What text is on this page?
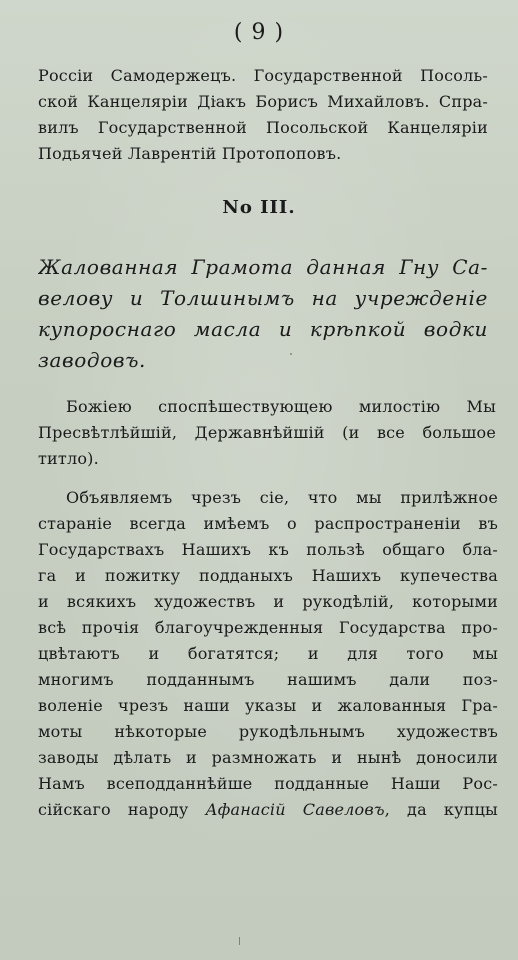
( 9 )
Россіи Самодержецъ. Государственной Посоль-
ской Канцеляріи Діакъ Борисъ Михайловъ. Спра-
вилъ Государственной Посольской Канцеляріи
Подьячей Лаврентій Протопоповъ.
No III.
Жалованная Грамота данная Гну Са-
велову и Толшинымъ на учрежденіе
купороснаго масла и крѣпкой водки
заводовъ.
Божіею споспѣшествующею милостію Мы
Пресвѣтлѣйшій, Державнѣйшій (и все большое
титло).
Объявляемъ чрезъ сіе, что мы прилѣжное
стараніе всегда имѣемъ о распространеніи въ
Государствахъ Нашихъ къ пользѣ общаго бла-
га и пожитку подданыхъ Нашихъ купечества
и всякихъ художествъ и рукодѣлій, которыми
всѣ прочія благоучрежденныя Государства про-
цвѣтаютъ и богатятся; и для того мы
многимъ подданнымъ нашимъ дали поз-
воленіе чрезъ наши указы и жалованныя Гра-
моты нѣкоторые рукодѣльнымъ художествъ
заводы дѣлать и размножать и нынѣ доносили
Намъ всеподданнѣйше подданные Наши Рос-
сійскаго народу Афанасій Савеловъ, да купцы
